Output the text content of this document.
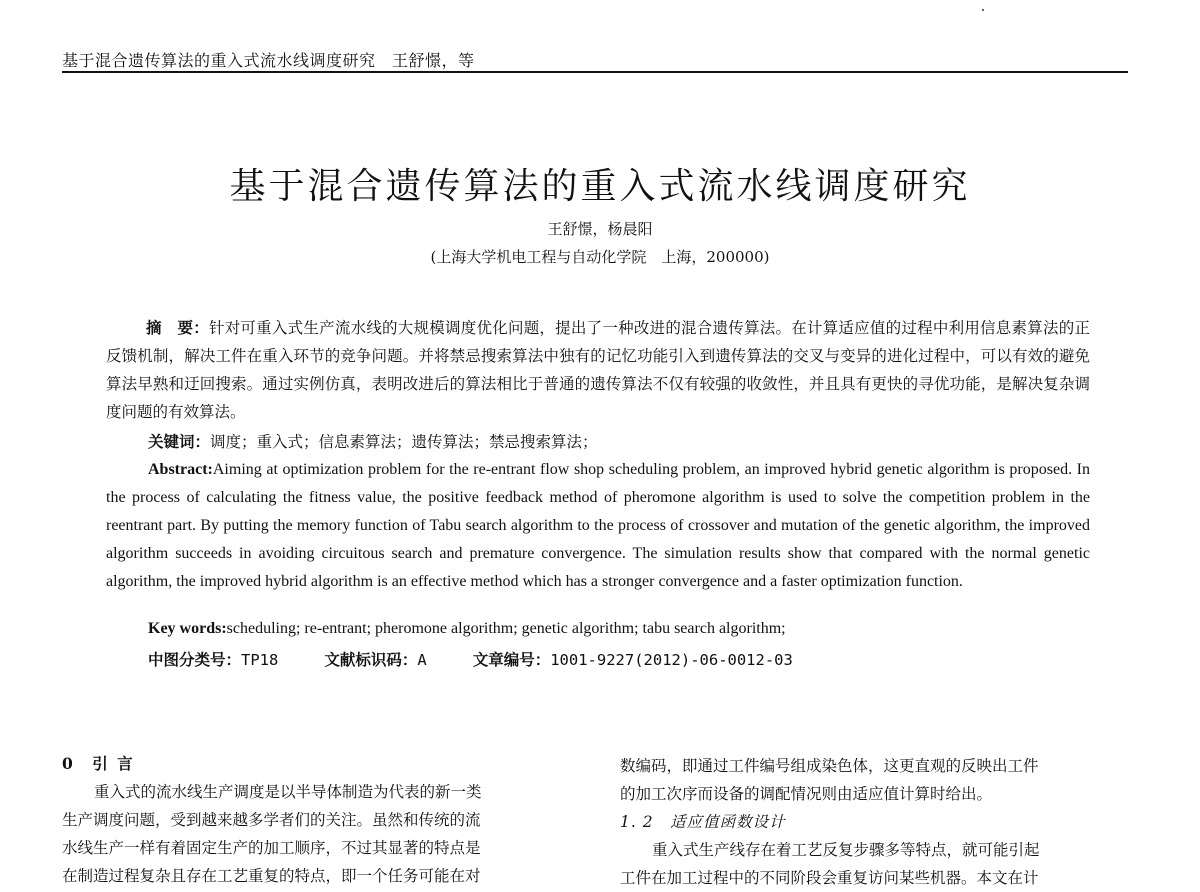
基于混合遗传算法的重入式流水线调度研究　王舒憬，等
基于混合遗传算法的重入式流水线调度研究
王舒憬，杨晨阳
(上海大学机电工程与自动化学院　上海，200000)

摘　要：针对可重入式生产流水线的大规模调度优化问题，提出了一种改进的混合遗传算法。在计算适应值的过程中利用信息素算法的正反馈机制，解决工件在重入环节的竞争问题。并将禁忌搜索算法中独有的记忆功能引入到遗传算法的交叉与变异的进化过程中，可以有效的避免算法早熟和迂回搜索。通过实例仿真，表明改进后的算法相比于普通的遗传算法不仅有较强的收敛性，并且具有更快的寻优功能，是解决复杂调度问题的有效算法。

关键词：调度；重入式；信息素算法；遗传算法；禁忌搜索算法；

Abstract:Aiming at optimization problem for the re-entrant flow shop scheduling problem, an improved hybrid genetic algorithm is proposed. In the process of calculating the fitness value, the positive feedback method of pheromone algorithm is used to solve the competition problem in the reentrant part. By putting the memory function of Tabu search algorithm to the process of crossover and mutation of the genetic algorithm, the improved algorithm succeeds in avoiding circuitous search and premature convergence. The simulation results show that compared with the normal genetic algorithm, the improved hybrid algorithm is an effective method which has a stronger convergence and a faster optimization function.

Key words:scheduling; re-entrant; pheromone algorithm; genetic algorithm; tabu search algorithm;
中图分类号：TP18	文献标识码：A	文章编号：1001-9227(2012)-06-0012-03

0　引 言

重入式的流水线生产调度是以半导体制造为代表的新一类
生产调度问题，受到越来越多学者们的关注。虽然和传统的流
水线生产一样有着固定生产的加工顺序，不过其显著的特点是
在制造过程复杂且存在工艺重复的特点，即一个任务可能在对

数编码，即通过工件编号组成染色体，这更直观的反映出工件
的加工次序而设备的调配情况则由适应值计算时给出。

1. 2　适应值函数设计

重入式生产线存在着工艺反复步骤多等特点，就可能引起
工件在加工过程中的不同阶段会重复访问某些机器。本文在计
